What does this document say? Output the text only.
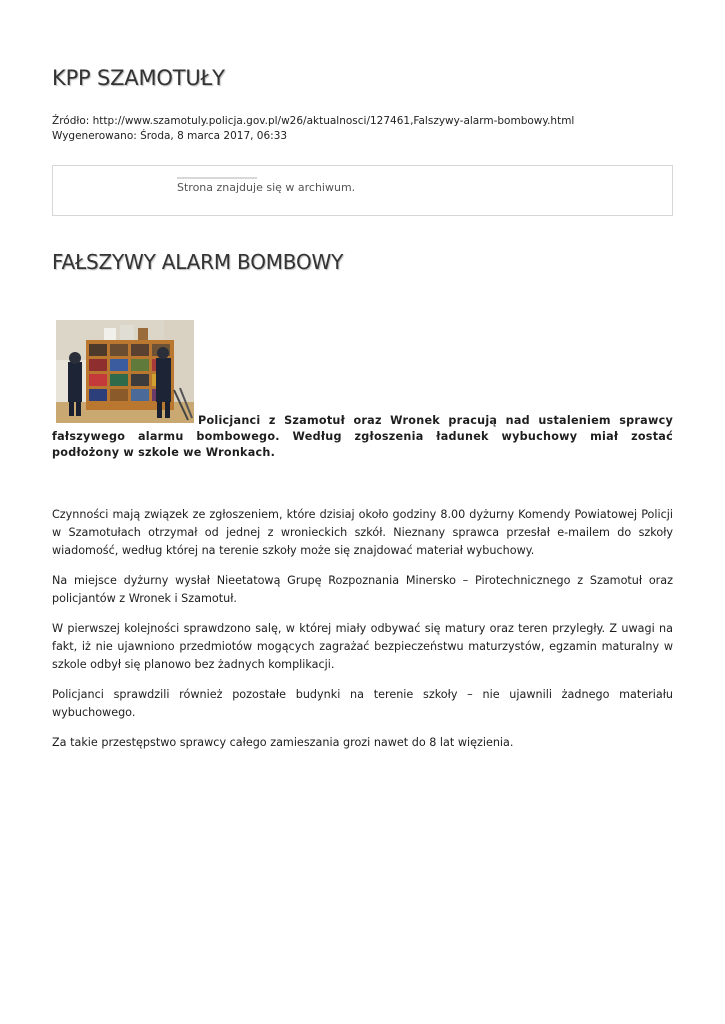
KPP SZAMOTUŁY
Źródło: http://www.szamotuly.policja.gov.pl/w26/aktualnosci/127461,Falszywy-alarm-bombowy.html
Wygenerowano: Środa, 8 marca 2017, 06:33
Strona znajduje się w archiwum.
FAŁSZYWY ALARM BOMBOWY

Policjanci z Szamotuł oraz Wronek pracują nad ustaleniem sprawcy fałszywego alarmu bombowego. Według zgłoszenia ładunek wybuchowy miał zostać podłożony w szkole we Wronkach.

Czynności mają związek ze zgłoszeniem, które dzisiaj około godziny 8.00 dyżurny Komendy Powiatowej Policji w Szamotułach otrzymał od jednej z wronieckich szkół. Nieznany sprawca przesłał e-mailem do szkoły wiadomość, według której na terenie szkoły może się znajdować materiał wybuchowy.

Na miejsce dyżurny wysłał Nieetatową Grupę Rozpoznania Minersko – Pirotechnicznego z Szamotuł oraz policjantów z Wronek i Szamotuł.

W pierwszej kolejności sprawdzono salę, w której miały odbywać się matury oraz teren przyległy. Z uwagi na fakt, iż nie ujawniono przedmiotów mogących zagrażać bezpieczeństwu maturzystów, egzamin maturalny w szkole odbył się planowo bez żadnych komplikacji.

Policjanci sprawdzili również pozostałe budynki na terenie szkoły – nie ujawnili żadnego materiału wybuchowego.

Za takie przestępstwo sprawcy całego zamieszania grozi nawet do 8 lat więzienia.
